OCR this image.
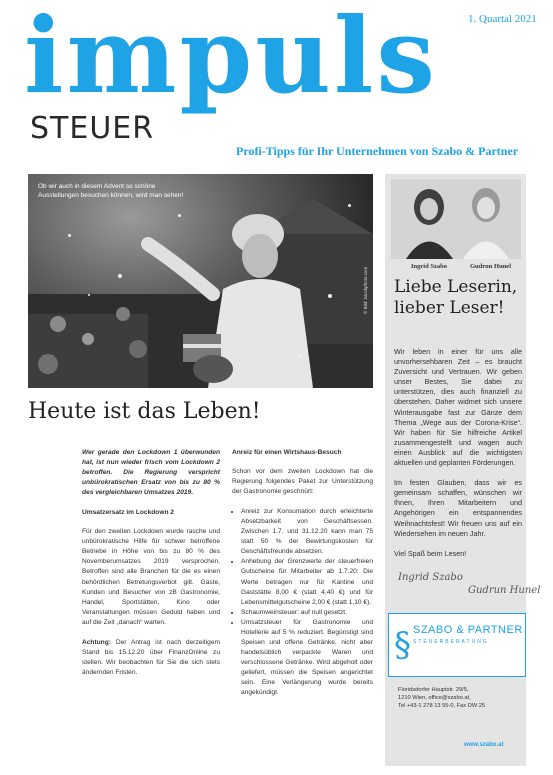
1. Quartal 2021
impuls
STEUER
Profi-Tipps für Ihr Unternehmen von Szabo & Partner
Ob wir auch in diesem Advent so schöne Ausstellungen besuchen können, wird man sehen!
© Bild: istockphoto.com
Ingrid Szabo	Gudrun Hunel
Liebe Leserin,
lieber Leser!

Wir leben in einer für uns alle unvorhersehbaren Zeit – es braucht Zuversicht und Vertrauen. Wir geben unser Bestes, Sie dabei zu unterstützen, dies auch finanziell zu überstehen. Daher widmet sich unsere Winterausgabe fast zur Gänze dem Thema „Wege aus der Corona-Krise“. Wir haben für Sie hilfreiche Artikel zusammengestellt und wagen auch einen Ausblick auf die wichtigsten aktuellen und geplanten Förderungen.

Im festen Glauben, dass wir es gemeinsam schaffen, wünschen wir Ihnen, Ihren Mitarbeitern und Angehörigen ein entspannendes Weihnachtsfest! Wir freuen uns auf ein Wiedersehen im neuen Jahr.

Viel Spaß beim Lesen!

Ingrid Szabo
Gudrun Hunel
§ SZABO & PARTNER
STEUERBERATUNG
Floridsdorfer Hauptstr. 29/5,
1210 Wien, office@szabo.at,
Tel +43-1 278 13 55-0, Fax DW 25
www.szabo.at
Heute ist das Leben!

Wer gerade den Lockdown 1 überwunden hat, ist nun wieder frisch vom Lockdown 2 betroffen. Die Regierung verspricht unbürokratischen Ersatz von bis zu 80 % des vergleichbaren Umsatzes 2019.

Umsatzersatz im Lockdown 2

Für den zweiten Lockdown wurde rasche und unbürokratische Hilfe für schwer betroffene Betriebe in Höhe von bis zu 80 % des Novemberumsatzes 2019 versprochen. Betroffen sind alle Branchen für die es einen behördlichen Betretungsverbot gilt. Gäste, Kunden und Besucher von zB Gastronomie, Handel, Sportstätten, Kino oder Veranstaltungen müssen Geduld haben und auf die Zeit „danach“ warten.

Achtung: Der Antrag ist nach derzeitigem Stand bis 15.12.20 über FinanzOnline zu stellen. Wir beobachten für Sie die sich stets ändernden Fristen.

Anreiz für einen Wirtshaus-Besuch

Schon vor dem zweiten Lockdown hat die Regierung folgendes Paket zur Unterstützung der Gastronomie geschnürt:

• Anreiz zur Konsumation durch erleichterte Absetzbarkeit von Geschäftsessen. Zwischen 1.7. und 31.12.20 kann man 75 statt 50 % der Bewirtungskosten für Geschäftsfreunde absetzen.
• Anhebung der Grenzwerte der steuerfreien Gutscheine für Mitarbeiter ab 1.7.20: Die Werte betragen nur für Kantine und Gaststätte 8,00 € (statt 4,40 €) und für Lebensmittelgutscheine 2,00 € (statt 1,10 €).
• Schaumweinsteuer: auf null gesetzt.
• Umsatzsteuer für Gastronomie und Hotellerie auf 5 % reduziert. Begünstigt sind Speisen und offene Getränke, nicht aber handelsüblich verpackte Waren und verschlossene Getränke. Wird abgeholt oder geliefert, müssen die Speisen angerichtet sein. Eine Verlängerung wurde bereits angekündigt.
